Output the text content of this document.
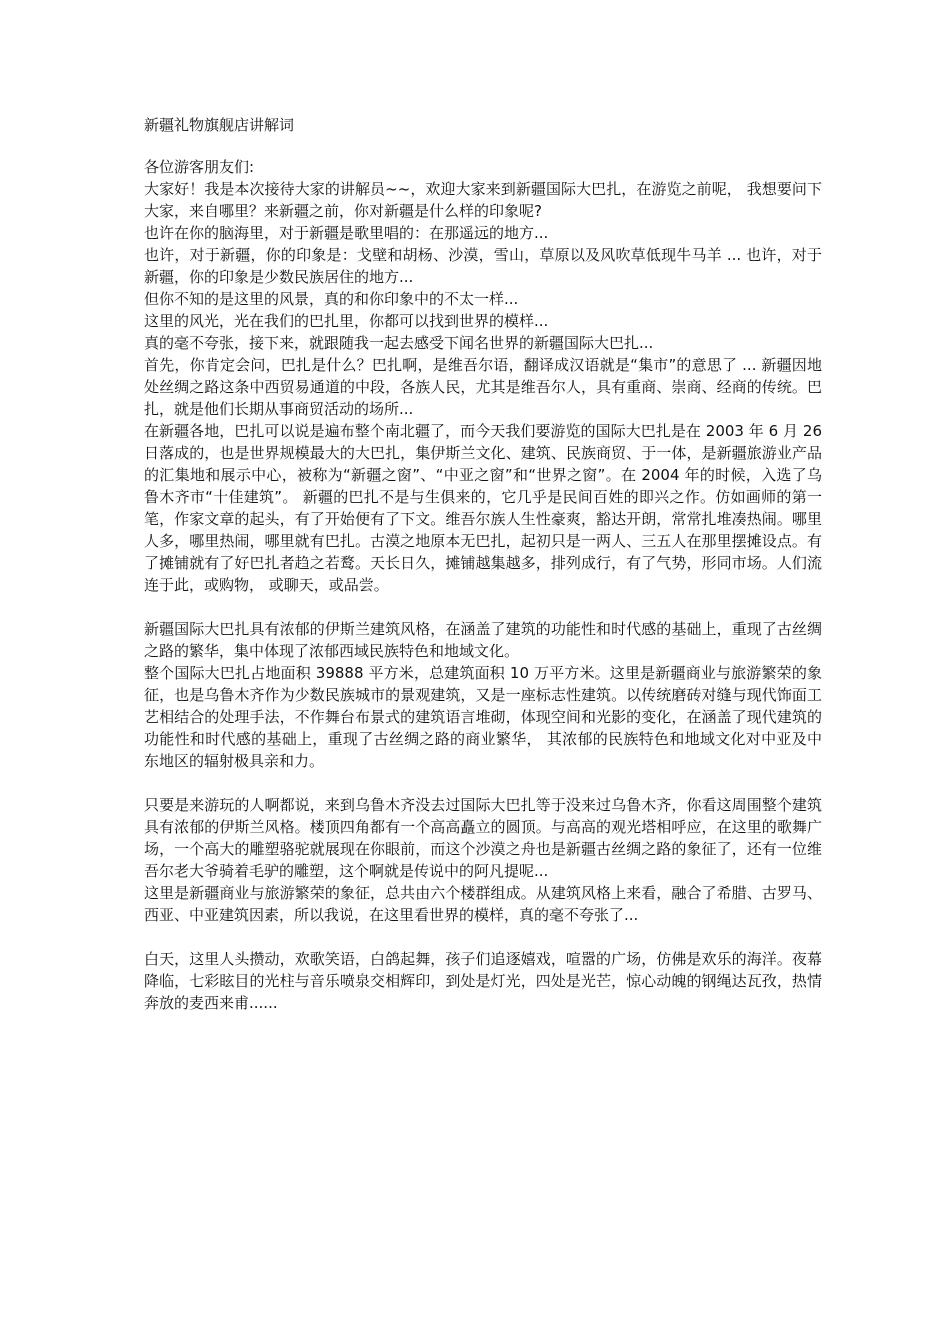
新疆礼物旗舰店讲解词

各位游客朋友们:

大家好！我是本次接待大家的讲解员~~，欢迎大家来到新疆国际大巴扎，在游览之前呢， 我想要问下大家，来自哪里？来新疆之前，你对新疆是什么样的印象呢?

也许在你的脑海里，对于新疆是歌里唱的：在那遥远的地方...

也许，对于新疆，你的印象是：戈壁和胡杨、沙漠，雪山，草原以及风吹草低现牛马羊 ... 也许，对于新疆，你的印象是少数民族居住的地方...

但你不知的是这里的风景，真的和你印象中的不太一样...

这里的风光，光在我们的巴扎里，你都可以找到世界的模样...

真的毫不夸张，接下来，就跟随我一起去感受下闻名世界的新疆国际大巴扎...

首先，你肯定会问，巴扎是什么？巴扎啊，是维吾尔语，翻译成汉语就是“集市”的意思了 ... 新疆因地处丝绸之路这条中西贸易通道的中段，各族人民，尤其是维吾尔人，具有重商、崇商、经商的传统。巴扎，就是他们长期从事商贸活动的场所...

在新疆各地，巴扎可以说是遍布整个南北疆了，而今天我们要游览的国际大巴扎是在 2003 年 6 月 26 日落成的，也是世界规模最大的大巴扎，集伊斯兰文化、建筑、民族商贸、于一体，是新疆旅游业产品的汇集地和展示中心，被称为“新疆之窗”、“中亚之窗”和“世界之窗”。在 2004 年的时候，入选了乌鲁木齐市“十佳建筑”。 新疆的巴扎不是与生俱来的，它几乎是民间百姓的即兴之作。仿如画师的第一笔，作家文章的起头，有了开始便有了下文。维吾尔族人生性豪爽，豁达开朗，常常扎堆凑热闹。哪里人多，哪里热闹，哪里就有巴扎。古漠之地原本无巴扎，起初只是一两人、三五人在那里摆摊设点。有了摊铺就有了好巴扎者趋之若鹜。天长日久，摊铺越集越多，排列成行，有了气势，形同市场。人们流连于此，或购物， 或聊天，或品尝。

新疆国际大巴扎具有浓郁的伊斯兰建筑风格，在涵盖了建筑的功能性和时代感的基础上，重现了古丝绸之路的繁华，集中体现了浓郁西域民族特色和地域文化。

整个国际大巴扎占地面积 39888 平方米，总建筑面积 10 万平方米。这里是新疆商业与旅游繁荣的象征，也是乌鲁木齐作为少数民族城市的景观建筑，又是一座标志性建筑。以传统磨砖对缝与现代饰面工艺相结合的处理手法，不作舞台布景式的建筑语言堆砌，体现空间和光影的变化，在涵盖了现代建筑的功能性和时代感的基础上，重现了古丝绸之路的商业繁华， 其浓郁的民族特色和地域文化对中亚及中东地区的辐射极具亲和力。

只要是来游玩的人啊都说，来到乌鲁木齐没去过国际大巴扎等于没来过乌鲁木齐，你看这周围整个建筑具有浓郁的伊斯兰风格。楼顶四角都有一个高高矗立的圆顶。与高高的观光塔相呼应，在这里的歌舞广场，一个高大的雕塑骆驼就展现在你眼前，而这个沙漠之舟也是新疆古丝绸之路的象征了，还有一位维吾尔老大爷骑着毛驴的雕塑，这个啊就是传说中的阿凡提呢...

这里是新疆商业与旅游繁荣的象征，总共由六个楼群组成。从建筑风格上来看，融合了希腊、古罗马、西亚、中亚建筑因素，所以我说，在这里看世界的模样，真的毫不夸张了...

白天，这里人头攒动，欢歌笑语，白鸽起舞，孩子们追逐嬉戏，喧嚣的广场，仿佛是欢乐的海洋。夜幕降临，七彩眩目的光柱与音乐喷泉交相辉印，到处是灯光，四处是光芒，惊心动魄的钢绳达瓦孜，热情奔放的麦西来甫......
